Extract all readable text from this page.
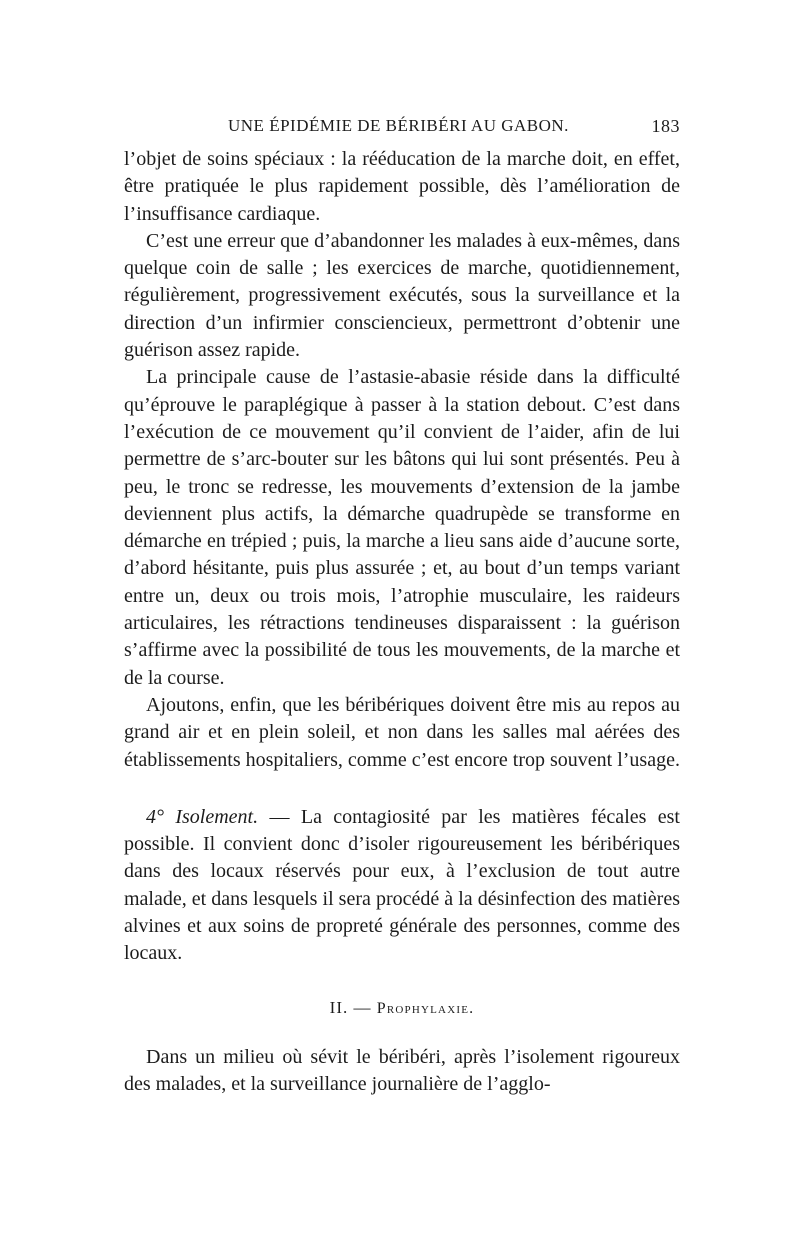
UNE ÉPIDÉMIE DE BÉRIBÉRI AU GABON.	183

l’objet de soins spéciaux : la rééducation de la marche doit, en effet, être pratiquée le plus rapidement possible, dès l’amélioration de l’insuffisance cardiaque.

C’est une erreur que d’abandonner les malades à eux-mêmes, dans quelque coin de salle ; les exercices de marche, quotidiennement, régulièrement, progressivement exécutés, sous la surveillance et la direction d’un infirmier consciencieux, permettront d’obtenir une guérison assez rapide.

La principale cause de l’astasie-abasie réside dans la difficulté qu’éprouve le paraplégique à passer à la station debout. C’est dans l’exécution de ce mouvement qu’il convient de l’aider, afin de lui permettre de s’arc-bouter sur les bâtons qui lui sont présentés. Peu à peu, le tronc se redresse, les mouvements d’extension de la jambe deviennent plus actifs, la démarche quadrupède se transforme en démarche en trépied ; puis, la marche a lieu sans aide d’aucune sorte, d’abord hésitante, puis plus assurée ; et, au bout d’un temps variant entre un, deux ou trois mois, l’atrophie musculaire, les raideurs articulaires, les rétractions tendineuses disparaissent : la guérison s’affirme avec la possibilité de tous les mouvements, de la marche et de la course.

Ajoutons, enfin, que les béribériques doivent être mis au repos au grand air et en plein soleil, et non dans les salles mal aérées des établissements hospitaliers, comme c’est encore trop souvent l’usage.

4° Isolement. — La contagiosité par les matières fécales est possible. Il convient donc d’isoler rigoureusement les béribériques dans des locaux réservés pour eux, à l’exclusion de tout autre malade, et dans lesquels il sera procédé à la désinfection des matières alvines et aux soins de propreté générale des personnes, comme des locaux.

II. — Prophylaxie.

Dans un milieu où sévit le béribéri, après l’isolement rigoureux des malades, et la surveillance journalière de l’agglo-
